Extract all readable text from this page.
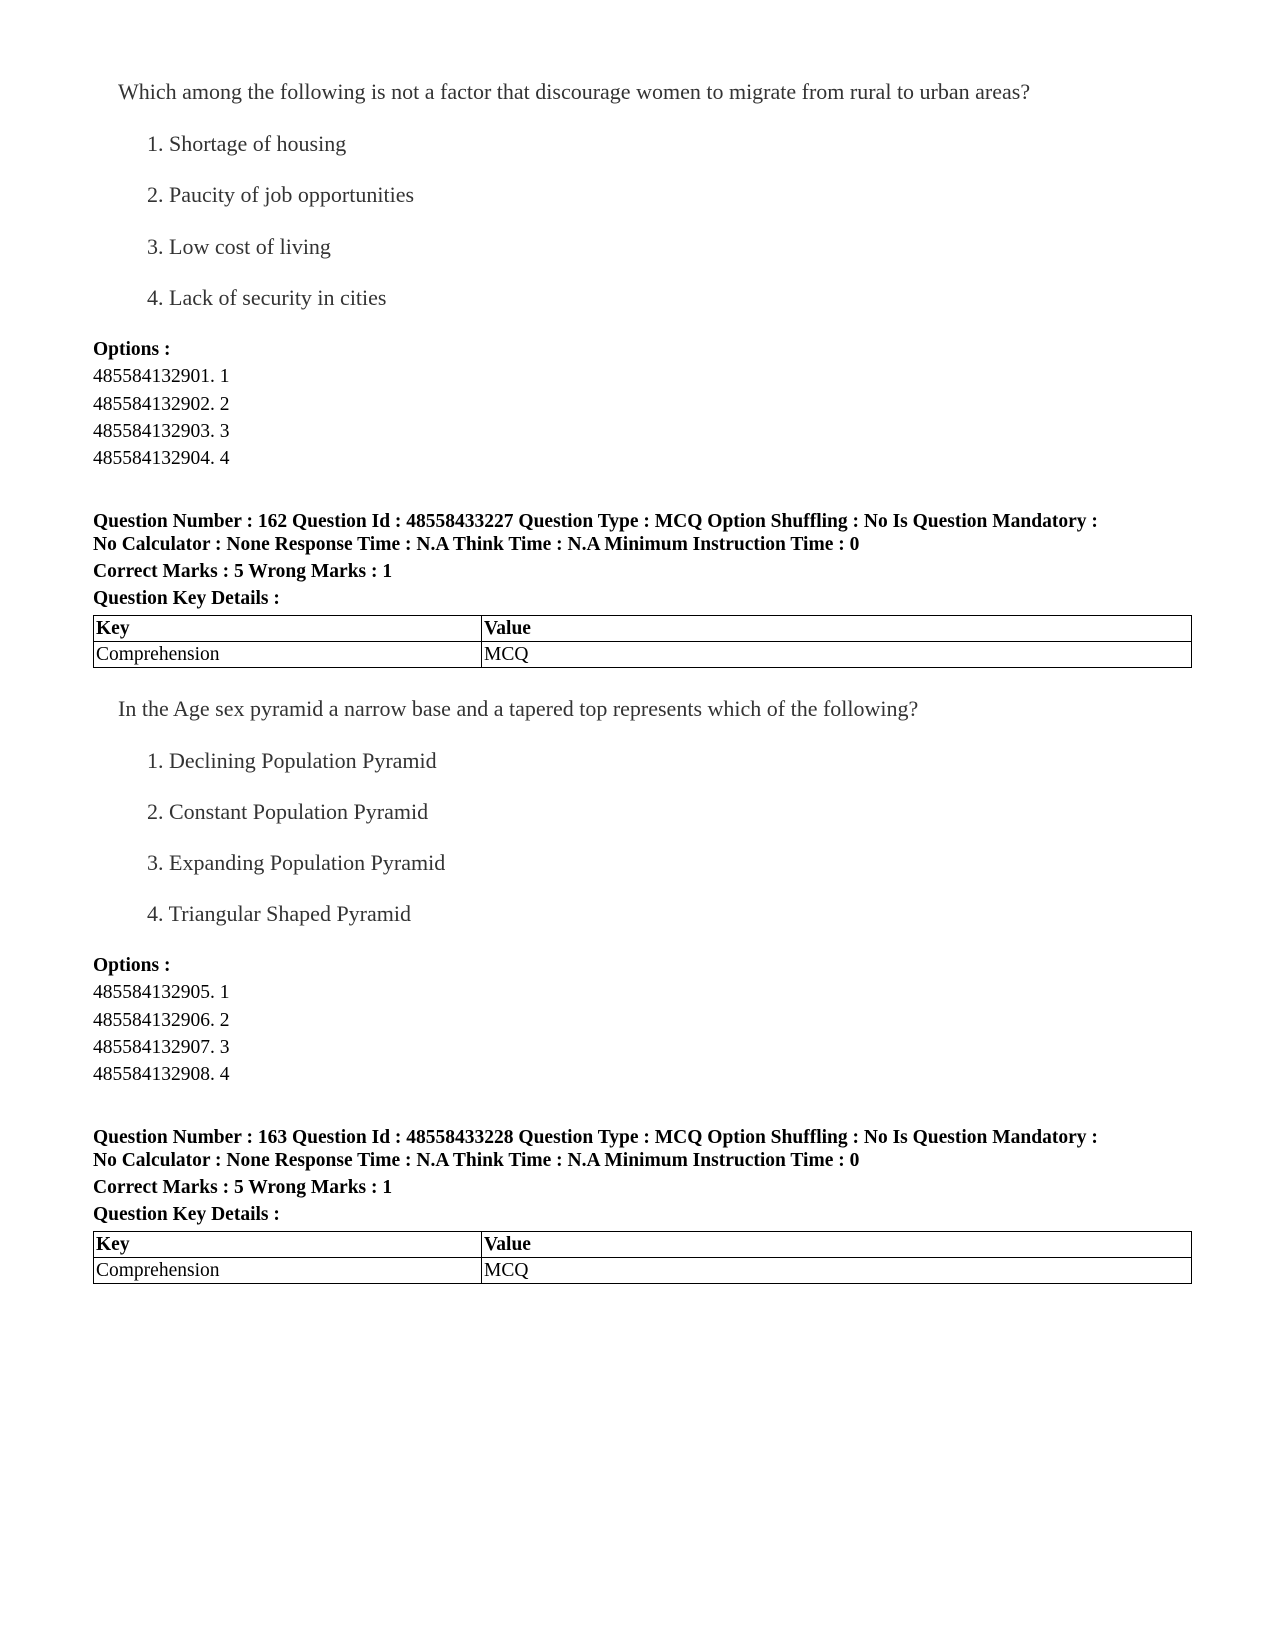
Which among the following is not a factor that discourage women to migrate from rural to urban areas?
1. Shortage of housing
2. Paucity of job opportunities
3. Low cost of living
4. Lack of security in cities
Options :
485584132901. 1
485584132902. 2
485584132903. 3
485584132904. 4
Question Number : 162 Question Id : 48558433227 Question Type : MCQ Option Shuffling : No Is Question Mandatory :
No Calculator : None Response Time : N.A Think Time : N.A Minimum Instruction Time : 0
Correct Marks : 5 Wrong Marks : 1
Question Key Details :
Key	Value
Comprehension	MCQ
In the Age sex pyramid a narrow base and a tapered top represents which of the following?
1. Declining Population Pyramid
2. Constant Population Pyramid
3. Expanding Population Pyramid
4. Triangular Shaped Pyramid
Options :
485584132905. 1
485584132906. 2
485584132907. 3
485584132908. 4
Question Number : 163 Question Id : 48558433228 Question Type : MCQ Option Shuffling : No Is Question Mandatory :
No Calculator : None Response Time : N.A Think Time : N.A Minimum Instruction Time : 0
Correct Marks : 5 Wrong Marks : 1
Question Key Details :
Key	Value
Comprehension	MCQ
